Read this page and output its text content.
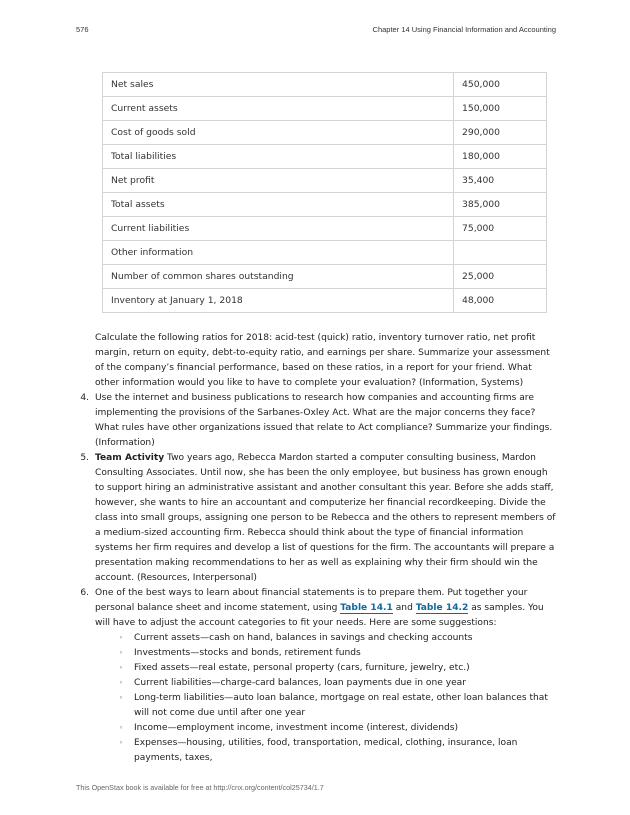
576	Chapter 14 Using Financial Information and Accounting
Net sales	450,000
Current assets	150,000
Cost of goods sold	290,000
Total liabilities	180,000
Net profit	35,400
Total assets	385,000
Current liabilities	75,000
Other information	
Number of common shares outstanding	25,000
Inventory at January 1, 2018	48,000

Calculate the following ratios for 2018: acid-test (quick) ratio, inventory turnover ratio, net profit margin, return on equity, debt-to-equity ratio, and earnings per share. Summarize your assessment of the company’s financial performance, based on these ratios, in a report for your friend. What other information would you like to have to complete your evaluation? (Information, Systems)

4. Use the internet and business publications to research how companies and accounting firms are implementing the provisions of the Sarbanes-Oxley Act. What are the major concerns they face? What rules have other organizations issued that relate to Act compliance? Summarize your findings. (Information)
5. Team Activity Two years ago, Rebecca Mardon started a computer consulting business, Mardon Consulting Associates. Until now, she has been the only employee, but business has grown enough to support hiring an administrative assistant and another consultant this year. Before she adds staff, however, she wants to hire an accountant and computerize her financial recordkeeping. Divide the class into small groups, assigning one person to be Rebecca and the others to represent members of a medium-sized accounting firm. Rebecca should think about the type of financial information systems her firm requires and develop a list of questions for the firm. The accountants will prepare a presentation making recommendations to her as well as explaining why their firm should win the account. (Resources, Interpersonal)
6. One of the best ways to learn about financial statements is to prepare them. Put together your personal balance sheet and income statement, using Table 14.1 and Table 14.2 as samples. You will have to adjust the account categories to fit your needs. Here are some suggestions:
◦ Current assets—cash on hand, balances in savings and checking accounts
◦ Investments—stocks and bonds, retirement funds
◦ Fixed assets—real estate, personal property (cars, furniture, jewelry, etc.)
◦ Current liabilities—charge-card balances, loan payments due in one year
◦ Long-term liabilities—auto loan balance, mortgage on real estate, other loan balances that will not come due until after one year
◦ Income—employment income, investment income (interest, dividends)
◦ Expenses—housing, utilities, food, transportation, medical, clothing, insurance, loan payments, taxes,
This OpenStax book is available for free at http://cnx.org/content/col25734/1.7
